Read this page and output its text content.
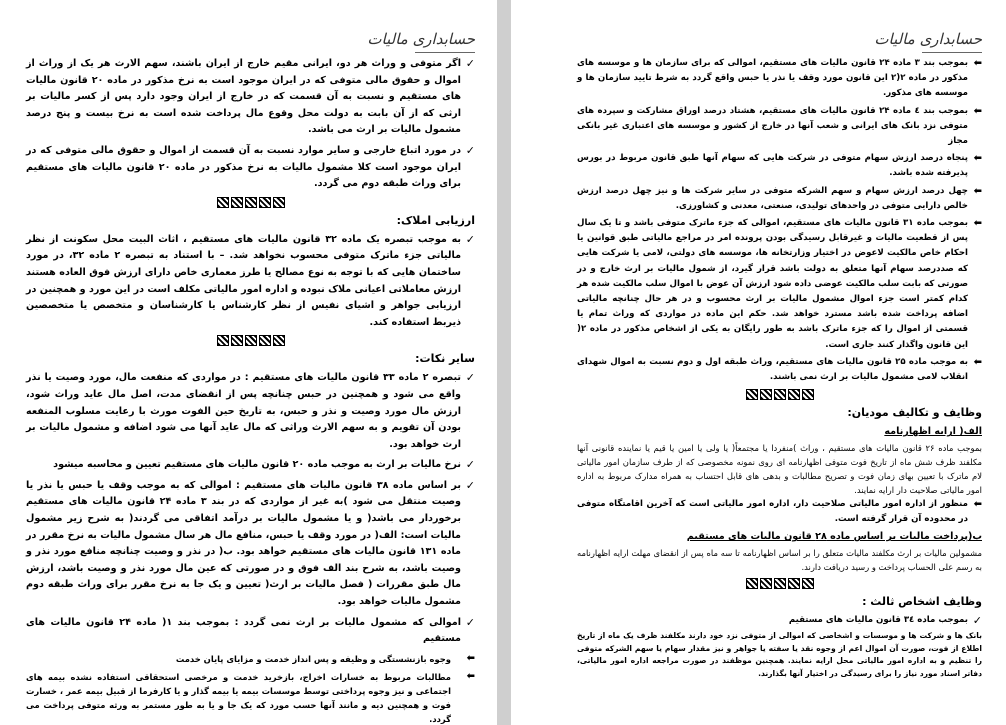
حسابداری مالیات
✓
اگر متوفی و وراث هر دو، ایرانی مقیم خارج از ایران باشند، سهم الارث هر یک از وراث از اموال و حقوق مالی متوفی که در ایران موجود است به نرخ مذکور در ماده ۲۰ قانون مالیات های مستقیم و نسبت به آن قسمت که در خارج از ایران وجود دارد پس از کسر مالیات بر ارثی که از آن بابت به دولت محل وقوع مال پرداخت شده است به نرخ بیست و پنج درصد مشمول مالیات بر ارث می باشد.
✓
در مورد اتباع خارجی و سایر موارد نسبت به آن قسمت از اموال و حقوق مالی متوفی که در ایران موجود است کلا مشمول مالیات به نرخ مذکور در ماده ۲۰ قانون مالیات های مستقیم برای وراث طبقه دوم می گردد.
ارزیابی املاک:
✓
به موجب تبصره یک ماده ۳۲ قانون مالیات های مستقیم ، اثاث البیت محل سکونت از نظر مالیاتی جزء ماترک متوفی محسوب نخواهد شد. – با استناد به تبصره ۲ ماده ۳۲، در مورد ساختمان هایی که با توجه به نوع مصالح یا طرز معماری خاص دارای ارزش فوق العاده هستند ارزش معاملاتی اعیانی ملاک نبوده و اداره امور مالیاتی مکلف است در این مورد و همچنین در ارزیابی جواهر و اشیای نفیس از نظر کارشناس یا کارشناسان و متخصص یا متخصصین ذیربط استفاده کند.
سایر نکات:
✓
تبصره ۲ ماده ۳۳ قانون مالیات های مستقیم : در مواردی که منفعت مال، مورد وصیت یا نذر واقع می شود و همچنین در حبس چنانچه پس از انقضای مدت، اصل مال عاید وراث شود، ارزش مال مورد وصیت و نذر و حبس، به تاریخ حین الفوت مورث با رعایت مسلوب المنفعه بودن آن تقویم و به سهم الارث وراثی که مال عاید آنها می شود اضافه و مشمول مالیات بر ارث خواهد بود.
✓
نرخ مالیات بر ارث به موجب ماده ۲۰ قانون مالیات های مستقیم تعیین و محاسبه میشود
✓
بر اساس ماده ۳۸ قانون مالیات های مستقیم : اموالی که به موجب وقف یا حبس یا نذر یا وصیت منتقل می شود )به غیر از مواردی که در بند ۳ ماده ۲۴ قانون مالیات های مستقیم برخوردار می باشد( و یا مشمول مالیات بر درآمد اتفاقی می گردند( به شرح زیر مشمول مالیات است: الف( در مورد وقف یا حبس، منافع مال هر سال مشمول مالیات به نرخ مقرر در ماده ۱۳۱ قانون مالیات های مستقیم خواهد بود. ب( در نذر و وصیت چنانچه منافع مورد نذر و وصیت باشد، به شرح بند الف فوق و در صورتی که عین مال مورد نذر و وصیت باشد، ارزش مال طبق مقررات ( فصل مالیات بر ارث( تعیین و یک جا به نرخ مقرر برای وراث طبقه دوم مشمول مالیات خواهد بود.
✓
اموالی که مشمول مالیات بر ارث نمی گردد : بموجب بند ۱( ماده ۲۴ قانون مالیات های مستقیم
⬅
وجوه بازنشستگی و وظیفه و پس انداز خدمت و مزایای پایان خدمت
⬅
مطالبات مربوط به خسارات اخراج، بازخرید خدمت و مرخصی استحقاقی استفاده نشده بیمه های اجتماعی و نیز وجوه پرداختی توسط موسسات بیمه یا بیمه گذار و یا کارفرما از قبیل بیمه عمر ، خسارت فوت و همچنین دیه و مانند آنها حسب مورد که یک جا و یا به طور مستمر به ورثه متوفی پرداخت می گردد.
حسابداری مالیات
⬅
بموجب بند ۳ ماده ۲۴ قانون مالیات های مستقیم، اموالی که برای سازمان ها و موسسه های مذکور در ماده ۲(۲ این قانون مورد وقف یا نذر یا حبس واقع گردد به شرط تایید سازمان ها و موسسه های مذکور.
⬅
بموجب بند ٤ ماده ۲۴ قانون مالیات های مستقیم، هشتاد درصد اوراق مشارکت و سپرده های متوفی نزد بانک های ایرانی و شعب آنها در خارج از کشور و موسسه های اعتباری غیر بانکی مجاز
⬅
پنجاه درصد ارزش سهام متوفی در شرکت هایی که سهام آنها طبق قانون مربوط در بورس پذیرفته شده باشد.
⬅
چهل درصد ارزش سهام و سهم الشرکه متوفی در سایر شرکت ها و نیز چهل درصد ارزش خالص دارایی متوفی در واحدهای تولیدی، صنعتی، معدنی و کشاورزی.
⬅
بموجب ماده ۳۱ قانون مالیات های مستقیم، اموالی که جزء ماترک متوفی باشد و تا یک سال پس از قطعیت مالیات و غیرقابل رسیدگی بودن پرونده امر در مراجع مالیاتی طبق قوانین یا احکام خاص مالکیت لاعوض در اختیار وزارتخانه ها، موسسه های دولتی، لامی یا شرکت هایی که صددرصد سهام آنها متعلق به دولت باشد قرار گیرد، از شمول مالیات بر ارث خارج و در صورتی که بابت سلب مالکیت عوضی داده شود ارزش آن عوض با اموال سلب مالکیت شده هر کدام کمتر است جزء اموال مشمول مالیات بر ارث محسوب و در هر حال چنانچه مالیاتی اضافه پرداخت شده باشد مسترد خواهد شد. حکم این ماده در مواردی که وراث تمام یا قسمتی از اموال را که جزء ماترک باشد به طور رایگان به یکی از اشخاص مذکور در ماده ۲( این قانون واگذار کنند جاری است.
⬅
به موجب ماده ۲۵ قانون مالیات های مستقیم، وراث طبقه اول و دوم نسبت به اموال شهدای انقلاب لامی مشمول مالیات بر ارث نمی باشند.
وظایف و تکالیف مودیان:

الف( ارایه اظهارنامه

بموجب ماده ۲۶ قانون مالیات های مستقیم ، وراث )منفردا یا مجتمعاً( یا ولی یا امین یا قیم یا نماینده قانونی آنها مکلفند ظرف شش ماه از تاریخ فوت متوفی اظهارنامه ای روی نمونه مخصوصی که از طرف سازمان امور مالیاتی لام ماترک با تعیین بهای زمان فوت و تصریح مطالبات و بدهی های قابل احتساب به همراه مدارک مربوط به اداره امور مالیاتی صلاحیت دار ارایه نمایند.

⬅
منظور از اداره امور مالیاتی صلاحیت دار، اداره امور مالیاتی است که آخرین اقامتگاه متوفی در محدوده آن قرار گرفته است.

ب(پرداخت مالیات بر اساس ماده ۲۸ قانون مالیات های مستقیم

مشمولین مالیات بر ارث مکلفند مالیات متعلق را بر اساس اظهارنامه تا سه ماه پس از انقضای مهلت ارایه اظهارنامه به رسم علی الحساب پرداخت و رسید دریافت دارند.

وظایف اشخاص ثالث :
✓
بموجب ماده ۳٤ قانون مالیات های مستقیم

بانک ها و شرکت ها و موسسات و اشخاصی که اموالی از متوفی نزد خود دارند مکلفند ظرف یک ماه از تاریخ اطلاع از فوت، صورت آن اموال اعم از وجوه نقد یا سفته یا جواهر و نیز مقدار سهام یا سهم الشرکه متوفی را تنظیم و به اداره امور مالیاتی محل ارایه نمایند. همچنین موظفند در صورت مراجعه اداره امور مالیاتی، دفاتر اسناد مورد نیاز را برای رسیدگی در اختیار آنها بگذارند.
